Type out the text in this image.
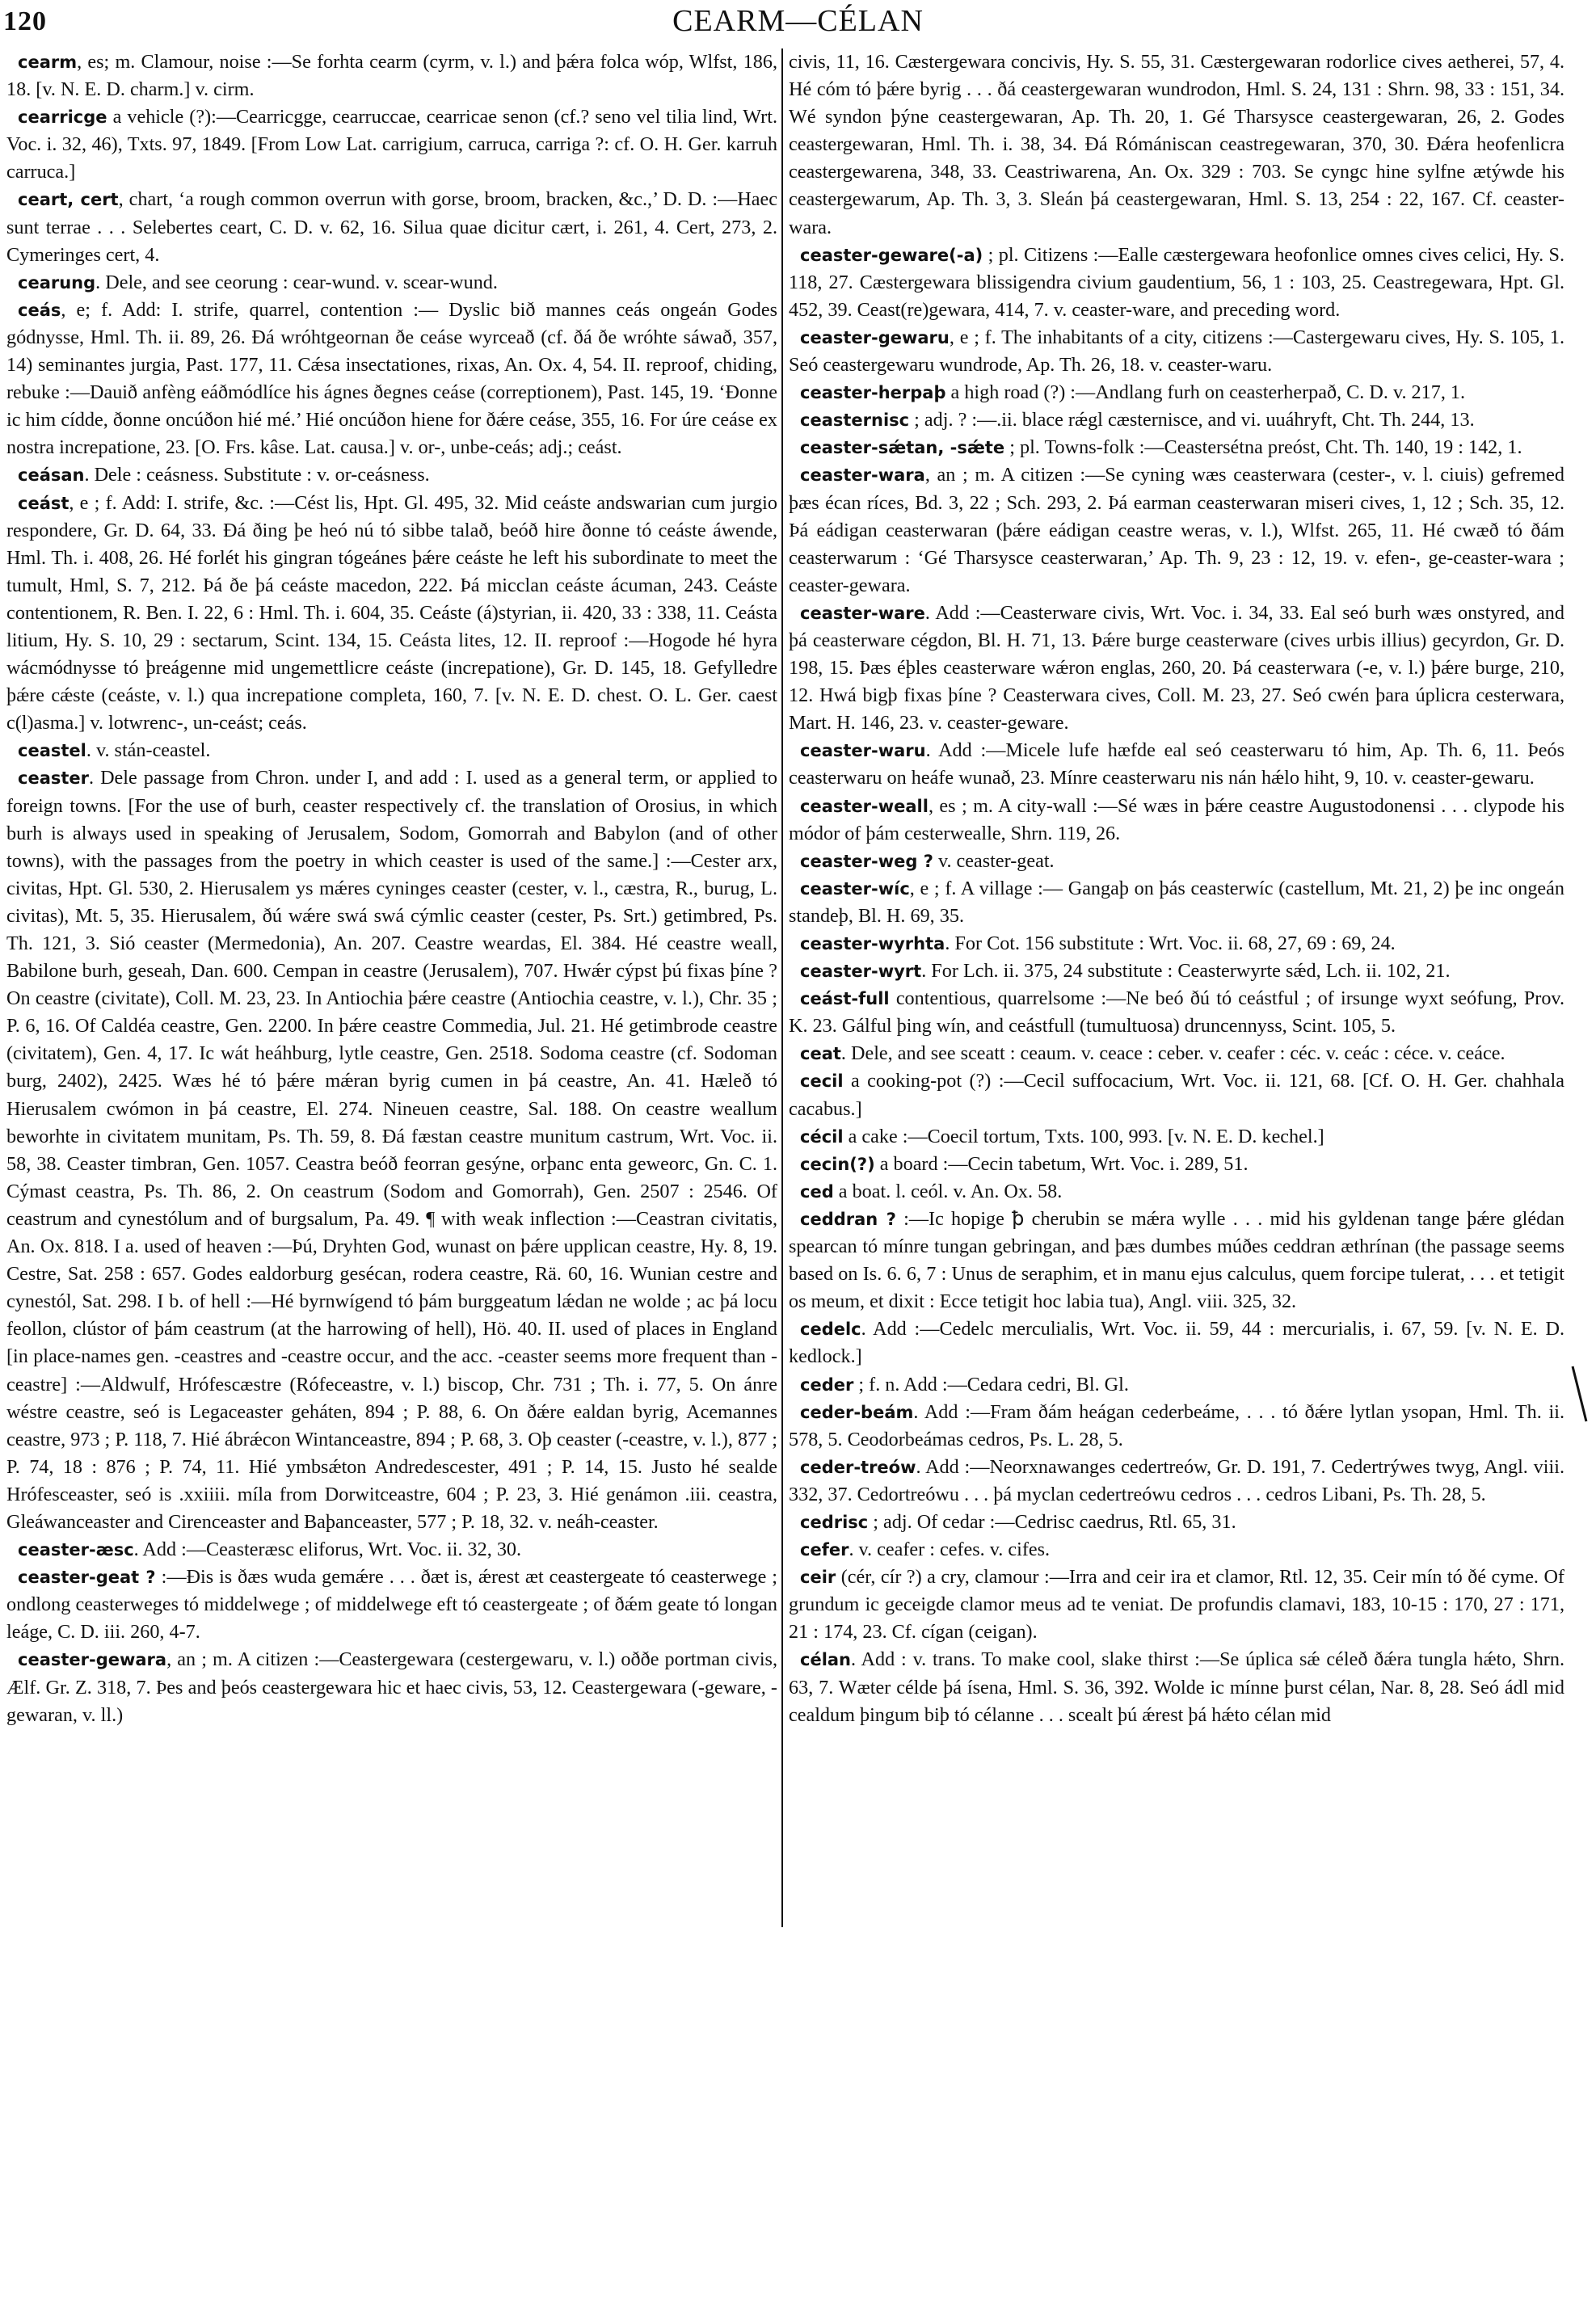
120	CEARM—CÉLAN

cearm, es; m. Clamour, noise :—Se forhta cearm (cyrm, v. l.) and þǽra folca wóp, Wlfst, 186, 18. [v. N. E. D. charm.] v. cirm.

cearricge a vehicle (?):—Cearricgge, cearruccae, cearricae senon (cf.? seno vel tilia lind, Wrt. Voc. i. 32, 46), Txts. 97, 1849. [From Low Lat. carrigium, carruca, carriga ?: cf. O. H. Ger. karruh carruca.]

ceart, cert, chart, ‘a rough common overrun with gorse, broom, bracken, &c.,’ D. D. :—Haec sunt terrae . . . Selebertes ceart, C. D. v. 62, 16. Silua quae dicitur cært, i. 261, 4. Cert, 273, 2. Cymeringes cert, 4.

cearung. Dele, and see ceorung : cear-wund. v. scear-wund.

ceás, e; f. Add: I. strife, quarrel, contention :— Dyslic bið mannes ceás ongeán Godes gódnysse, Hml. Th. ii. 89, 26. Ðá wróhtgeornan ðe ceáse wyrceað (cf. ðá ðe wróhte sáwað, 357, 14) seminantes jurgia, Past. 177, 11. Cǽsa insectationes, rixas, An. Ox. 4, 54. II. reproof, chiding, rebuke :—Dauið anfèng eáðmódlíce his ágnes ðegnes ceáse (correptionem), Past. 145, 19. ‘Ðonne ic him cídde, ðonne oncúðon hié mé.’ Hié oncúðon hiene for ðǽre ceáse, 355, 16. For úre ceáse ex nostra increpatione, 23. [O. Frs. kâse. Lat. causa.] v. or-, unbe-ceás; adj.; ceást.

ceásan. Dele : ceásness. Substitute : v. or-ceásness.

ceást, e ; f. Add: I. strife, &c. :—Cést lis, Hpt. Gl. 495, 32. Mid ceáste andswarian cum jurgio respondere, Gr. D. 64, 33. Ðá ðing þe heó nú tó sibbe talað, beóð hire ðonne tó ceáste áwende, Hml. Th. i. 408, 26. Hé forlét his gingran tógeánes þǽre ceáste he left his subordinate to meet the tumult, Hml, S. 7, 212. Þá ðe þá ceáste macedon, 222. Þá micclan ceáste ácuman, 243. Ceáste contentionem, R. Ben. I. 22, 6 : Hml. Th. i. 604, 35. Ceáste (á)styrian, ii. 420, 33 : 338, 11. Ceásta litium, Hy. S. 10, 29 : sectarum, Scint. 134, 15. Ceásta lites, 12. II. reproof :—Hogode hé hyra wácmódnysse tó þreágenne mid ungemettlicre ceáste (increpatione), Gr. D. 145, 18. Gefylledre þǽre cǽste (ceáste, v. l.) qua increpatione completa, 160, 7. [v. N. E. D. chest. O. L. Ger. caest c(l)asma.] v. lotwrenc-, un-ceást; ceás.

ceastel. v. stán-ceastel.

ceaster. Dele passage from Chron. under I, and add : I. used as a general term, or applied to foreign towns. [For the use of burh, ceaster respectively cf. the translation of Orosius, in which burh is always used in speaking of Jerusalem, Sodom, Gomorrah and Babylon (and of other towns), with the passages from the poetry in which ceaster is used of the same.] :—Cester arx, civitas, Hpt. Gl. 530, 2. Hierusalem ys mǽres cyninges ceaster (cester, v. l., cæstra, R., burug, L. civitas), Mt. 5, 35. Hierusalem, ðú wǽre swá swá cýmlic ceaster (cester, Ps. Srt.) getimbred, Ps. Th. 121, 3. Sió ceaster (Mermedonia), An. 207. Ceastre weardas, El. 384. Hé ceastre weall, Babilone burh, geseah, Dan. 600. Cempan in ceastre (Jerusalem), 707. Hwǽr cýpst þú fixas þíne ? On ceastre (civitate), Coll. M. 23, 23. In Antiochia þǽre ceastre (Antiochia ceastre, v. l.), Chr. 35 ; P. 6, 16. Of Caldéa ceastre, Gen. 2200. In þǽre ceastre Commedia, Jul. 21. Hé getimbrode ceastre (civitatem), Gen. 4, 17. Ic wát heáhburg, lytle ceastre, Gen. 2518. Sodoma ceastre (cf. Sodoman burg, 2402), 2425. Wæs hé tó þǽre mǽran byrig cumen in þá ceastre, An. 41. Hæleð tó Hierusalem cwómon in þá ceastre, El. 274. Nineuen ceastre, Sal. 188. On ceastre weallum beworhte in civitatem munitam, Ps. Th. 59, 8. Ðá fæstan ceastre munitum castrum, Wrt. Voc. ii. 58, 38. Ceaster timbran, Gen. 1057. Ceastra beóð feorran gesýne, orþanc enta geweorc, Gn. C. 1. Cýmast ceastra, Ps. Th. 86, 2. On ceastrum (Sodom and Gomorrah), Gen. 2507 : 2546. Of ceastrum and cynestólum and of burgsalum, Pa. 49. ¶ with weak inflection :—Ceastran civitatis, An. Ox. 818. I a. used of heaven :—Þú, Dryhten God, wunast on þǽre upplican ceastre, Hy. 8, 19. Cestre, Sat. 258 : 657. Godes ealdorburg gesécan, rodera ceastre, Rä. 60, 16. Wunian cestre and cynestól, Sat. 298. I b. of hell :—Hé byrnwígend tó þám burggeatum lǽdan ne wolde ; ac þá locu feollon, clústor of þám ceastrum (at the harrowing of hell), Hö. 40. II. used of places in England [in place-names gen. -ceastres and -ceastre occur, and the acc. -ceaster seems more frequent than -ceastre] :—Aldwulf, Hrófescæstre (Rófeceastre, v. l.) biscop, Chr. 731 ; Th. i. 77, 5. On ánre wéstre ceastre, seó is Legaceaster geháten, 894 ; P. 88, 6. On ðǽre ealdan byrig, Acemannes ceastre, 973 ; P. 118, 7. Hié ábrǽcon Wintanceastre, 894 ; P. 68, 3. Oþ ceaster (-ceastre, v. l.), 877 ; P. 74, 18 : 876 ; P. 74, 11. Hié ymbsǽton Andredescester, 491 ; P. 14, 15. Justo hé sealde Hrófesceaster, seó is .xxiiii. míla from Dorwitceastre, 604 ; P. 23, 3. Hié genámon .iii. ceastra, Gleáwanceaster and Cirenceaster and Baþanceaster, 577 ; P. 18, 32. v. neáh-ceaster.

ceaster-æsc. Add :—Ceasteræsc eliforus, Wrt. Voc. ii. 32, 30.

ceaster-geat ? :—Ðis is ðæs wuda gemǽre . . . ðæt is, ǽrest æt ceastergeate tó ceasterwege ; ondlong ceasterweges tó middelwege ; of middelwege eft tó ceastergeate ; of ðǽm geate tó longan leáge, C. D. iii. 260, 4-7.

ceaster-gewara, an ; m. A citizen :—Ceastergewara (cestergewaru, v. l.) oððe portman civis, Ælf. Gr. Z. 318, 7. Þes and þeós ceastergewara hic et haec civis, 53, 12. Ceastergewara (-geware, -gewaran, v. ll.)

civis, 11, 16. Cæstergewara concivis, Hy. S. 55, 31. Cæstergewaran rodorlice cives aetherei, 57, 4. Hé cóm tó þǽre byrig . . . ðá ceastergewaran wundrodon, Hml. S. 24, 131 : Shrn. 98, 33 : 151, 34. Wé syndon þýne ceastergewaran, Ap. Th. 20, 1. Gé Tharsysce ceastergewaran, 26, 2. Godes ceastergewaran, Hml. Th. i. 38, 34. Ðá Rómániscan ceastregewaran, 370, 30. Ðǽra heofenlicra ceastergewarena, 348, 33. Ceastriwarena, An. Ox. 329 : 703. Se cyngc hine sylfne ætýwde his ceastergewarum, Ap. Th. 3, 3. Sleán þá ceastergewaran, Hml. S. 13, 254 : 22, 167. Cf. ceaster-wara.

ceaster-geware(-a) ; pl. Citizens :—Ealle cæstergewara heofonlice omnes cives celici, Hy. S. 118, 27. Cæstergewara blissigendra civium gaudentium, 56, 1 : 103, 25. Ceastregewara, Hpt. Gl. 452, 39. Ceast(re)gewara, 414, 7. v. ceaster-ware, and preceding word.

ceaster-gewaru, e ; f. The inhabitants of a city, citizens :—Castergewaru cives, Hy. S. 105, 1. Seó ceastergewaru wundrode, Ap. Th. 26, 18. v. ceaster-waru.

ceaster-herpaþ a high road (?) :—Andlang furh on ceasterherpað, C. D. v. 217, 1.

ceasternisc ; adj. ? :—.ii. blace rǽgl cæsternisce, and vi. uuáhryft, Cht. Th. 244, 13.

ceaster-sǽtan, -sǽte ; pl. Towns-folk :—Ceastersétna preóst, Cht. Th. 140, 19 : 142, 1.

ceaster-wara, an ; m. A citizen :—Se cyning wæs ceasterwara (cester-, v. l. ciuis) gefremed þæs écan ríces, Bd. 3, 22 ; Sch. 293, 2. Þá earman ceasterwaran miseri cives, 1, 12 ; Sch. 35, 12. Þá eádigan ceasterwaran (þǽre eádigan ceastre weras, v. l.), Wlfst. 265, 11. Hé cwæð tó ðám ceasterwarum : ‘Gé Tharsysce ceasterwaran,’ Ap. Th. 9, 23 : 12, 19. v. efen-, ge-ceaster-wara ; ceaster-gewara.

ceaster-ware. Add :—Ceasterware civis, Wrt. Voc. i. 34, 33. Eal seó burh wæs onstyred, and þá ceasterware cégdon, Bl. H. 71, 13. Þǽre burge ceasterware (cives urbis illius) gecyrdon, Gr. D. 198, 15. Þæs éþles ceasterware wǽron englas, 260, 20. Þá ceasterwara (-e, v. l.) þǽre burge, 210, 12. Hwá bigþ fixas þíne ? Ceasterwara cives, Coll. M. 23, 27. Seó cwén þara úplicra cesterwara, Mart. H. 146, 23. v. ceaster-geware.

ceaster-waru. Add :—Micele lufe hæfde eal seó ceasterwaru tó him, Ap. Th. 6, 11. Þeós ceasterwaru on heáfe wunað, 23. Mínre ceasterwaru nis nán hǽlo hiht, 9, 10. v. ceaster-gewaru.

ceaster-weall, es ; m. A city-wall :—Sé wæs in þǽre ceastre Augustodonensi . . . clypode his módor of þám cesterwealle, Shrn. 119, 26.

ceaster-weg ? v. ceaster-geat.

ceaster-wíc, e ; f. A village :— Gangaþ on þás ceasterwíc (castellum, Mt. 21, 2) þe inc ongeán standeþ, Bl. H. 69, 35.

ceaster-wyrhta. For Cot. 156 substitute : Wrt. Voc. ii. 68, 27, 69 : 69, 24.

ceaster-wyrt. For Lch. ii. 375, 24 substitute : Ceasterwyrte sǽd, Lch. ii. 102, 21.

ceást-full contentious, quarrelsome :—Ne beó ðú tó ceástful ; of irsunge wyxt seófung, Prov. K. 23. Gálful þing wín, and ceástfull (tumultuosa) druncennyss, Scint. 105, 5.

ceat. Dele, and see sceatt : ceaum. v. ceace : ceber. v. ceafer : céc. v. ceác : céce. v. ceáce.

cecil a cooking-pot (?) :—Cecil suffocacium, Wrt. Voc. ii. 121, 68. [Cf. O. H. Ger. chahhala cacabus.]

cécil a cake :—Coecil tortum, Txts. 100, 993. [v. N. E. D. kechel.]

cecin(?) a board :—Cecin tabetum, Wrt. Voc. i. 289, 51.

ced a boat. l. ceól. v. An. Ox. 58.

ceddran ? :—Ic hopige ꝥ cherubin se mǽra wylle . . . mid his gyldenan tange þǽre glédan spearcan tó mínre tungan gebringan, and þæs dumbes múðes ceddran æthrínan (the passage seems based on Is. 6. 6, 7 : Unus de seraphim, et in manu ejus calculus, quem forcipe tulerat, . . . et tetigit os meum, et dixit : Ecce tetigit hoc labia tua), Angl. viii. 325, 32.

cedelc. Add :—Cedelc merculialis, Wrt. Voc. ii. 59, 44 : mercurialis, i. 67, 59. [v. N. E. D. kedlock.]

ceder ; f. n. Add :—Cedara cedri, Bl. Gl.

ceder-beám. Add :—Fram ðám heágan cederbeáme, . . . tó ðǽre lytlan ysopan, Hml. Th. ii. 578, 5. Ceodorbeámas cedros, Ps. L. 28, 5.

ceder-treów. Add :—Neorxnawanges cedertreów, Gr. D. 191, 7. Cedertrýwes twyg, Angl. viii. 332, 37. Cedortreówu . . . þá myclan cedertreówu cedros . . . cedros Libani, Ps. Th. 28, 5.

cedrisc ; adj. Of cedar :—Cedrisc caedrus, Rtl. 65, 31.

cefer. v. ceafer : cefes. v. cifes.

ceir (cér, cír ?) a cry, clamour :—Irra and ceir ira et clamor, Rtl. 12, 35. Ceir mín tó ðé cyme. Of grundum ic geceigde clamor meus ad te veniat. De profundis clamavi, 183, 10-15 : 170, 27 : 171, 21 : 174, 23. Cf. cígan (ceigan).

célan. Add : v. trans. To make cool, slake thirst :—Se úplica sǽ céleð ðǽra tungla hǽto, Shrn. 63, 7. Wæter célde þá ísena, Hml. S. 36, 392. Wolde ic mínne þurst célan, Nar. 8, 28. Seó ádl mid cealdum þingum biþ tó célanne . . . scealt þú ǽrest þá hǽto célan mid
